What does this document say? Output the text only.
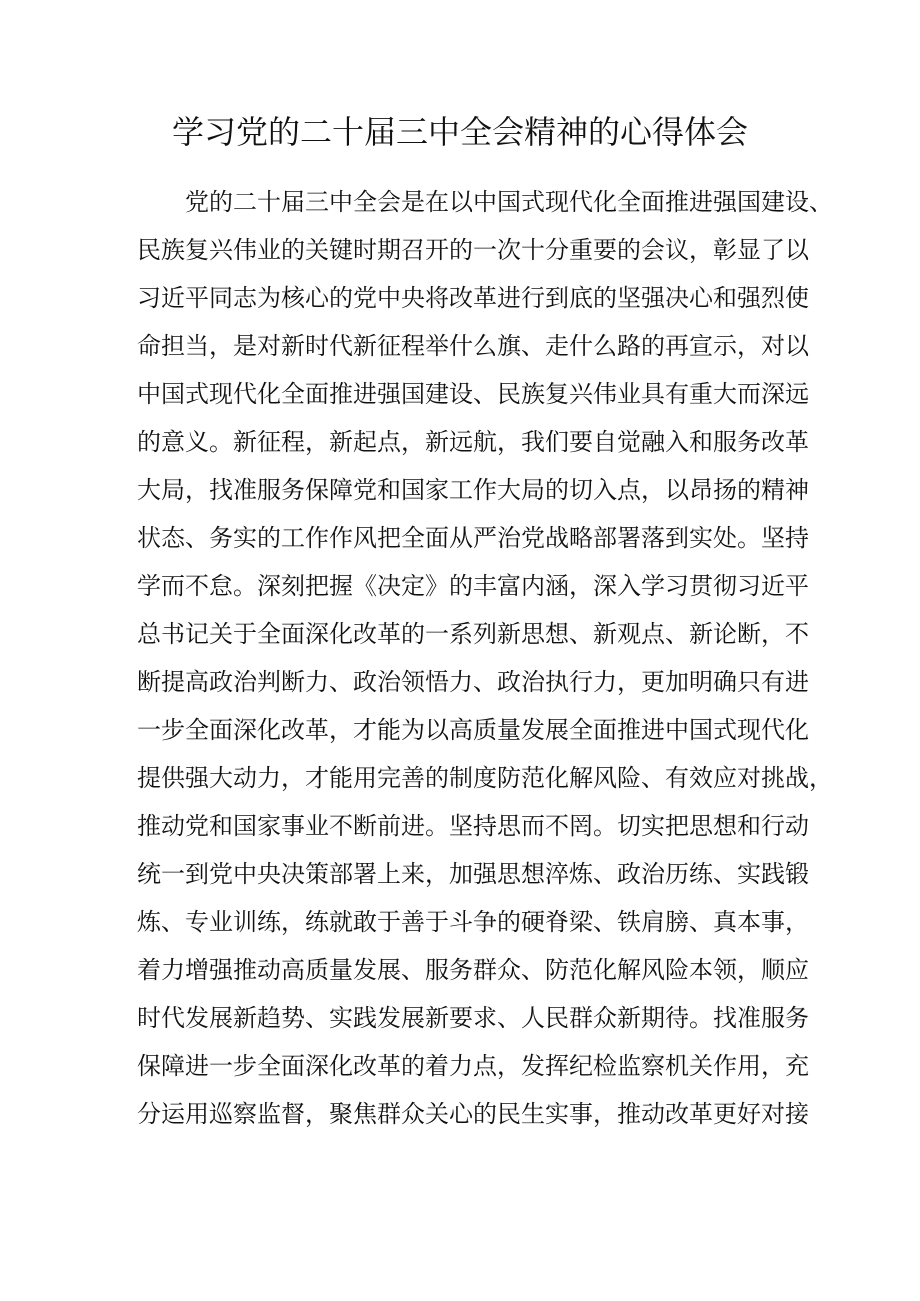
学习党的二十届三中全会精神的心得体会
党的二十届三中全会是在以中国式现代化全面推进强国建设、
民族复兴伟业的关键时期召开的一次十分重要的会议，彰显了以
习近平同志为核心的党中央将改革进行到底的坚强决心和强烈使
命担当，是对新时代新征程举什么旗、走什么路的再宣示，对以
中国式现代化全面推进强国建设、民族复兴伟业具有重大而深远
的意义。新征程，新起点，新远航，我们要自觉融入和服务改革
大局，找准服务保障党和国家工作大局的切入点，以昂扬的精神
状态、务实的工作作风把全面从严治党战略部署落到实处。坚持
学而不怠。深刻把握《决定》的丰富内涵，深入学习贯彻习近平
总书记关于全面深化改革的一系列新思想、新观点、新论断，不
断提高政治判断力、政治领悟力、政治执行力，更加明确只有进
一步全面深化改革，才能为以高质量发展全面推进中国式现代化
提供强大动力，才能用完善的制度防范化解风险、有效应对挑战，
推动党和国家事业不断前进。坚持思而不罔。切实把思想和行动
统一到党中央决策部署上来，加强思想淬炼、政治历练、实践锻
炼、专业训练，练就敢于善于斗争的硬脊梁、铁肩膀、真本事，
着力增强推动高质量发展、服务群众、防范化解风险本领，顺应
时代发展新趋势、实践发展新要求、人民群众新期待。找准服务
保障进一步全面深化改革的着力点，发挥纪检监察机关作用，充
分运用巡察监督，聚焦群众关心的民生实事，推动改革更好对接
